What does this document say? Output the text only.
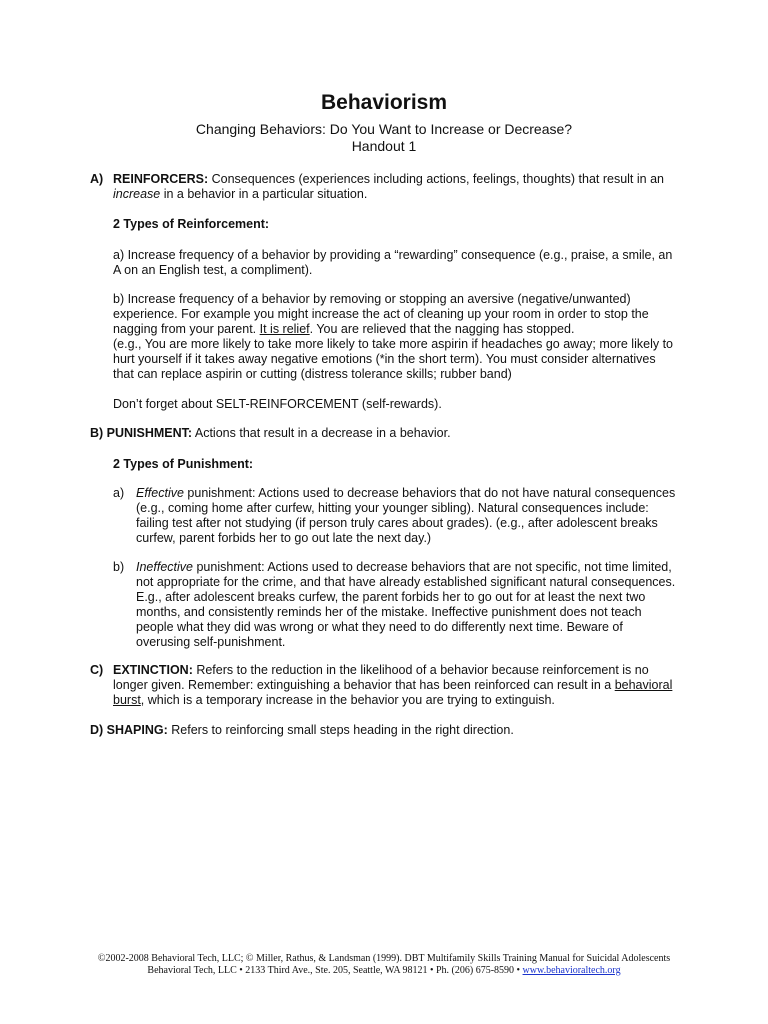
Behaviorism
Changing Behaviors: Do You Want to Increase or Decrease?
Handout 1
A) REINFORCERS: Consequences (experiences including actions, feelings, thoughts) that result in an
increase in a behavior in a particular situation.
2 Types of Reinforcement:
a) Increase frequency of a behavior by providing a “rewarding” consequence (e.g., praise, a smile, an
A on an English test, a compliment).
b) Increase frequency of a behavior by removing or stopping an aversive (negative/unwanted)
experience. For example you might increase the act of cleaning up your room in order to stop the
nagging from your parent. It is relief. You are relieved that the nagging has stopped.
(e.g., You are more likely to take more likely to take more aspirin if headaches go away; more likely to
hurt yourself if it takes away negative emotions (*in the short term). You must consider alternatives
that can replace aspirin or cutting (distress tolerance skills; rubber band)
Don’t forget about SELT-REINFORCEMENT (self-rewards).
B) PUNISHMENT: Actions that result in a decrease in a behavior.
2 Types of Punishment:
a) Effective punishment: Actions used to decrease behaviors that do not have natural consequences
(e.g., coming home after curfew, hitting your younger sibling). Natural consequences include:
failing test after not studying (if person truly cares about grades). (e.g., after adolescent breaks
curfew, parent forbids her to go out late the next day.)
b) Ineffective punishment: Actions used to decrease behaviors that are not specific, not time limited,
not appropriate for the crime, and that have already established significant natural consequences.
E.g., after adolescent breaks curfew, the parent forbids her to go out for at least the next two
months, and consistently reminds her of the mistake. Ineffective punishment does not teach
people what they did was wrong or what they need to do differently next time. Beware of
overusing self-punishment.
C) EXTINCTION: Refers to the reduction in the likelihood of a behavior because reinforcement is no
longer given. Remember: extinguishing a behavior that has been reinforced can result in a behavioral
burst, which is a temporary increase in the behavior you are trying to extinguish.
D) SHAPING: Refers to reinforcing small steps heading in the right direction.
©2002-2008 Behavioral Tech, LLC; © Miller, Rathus, & Landsman (1999). DBT Multifamily Skills Training Manual for Suicidal Adolescents
Behavioral Tech, LLC • 2133 Third Ave., Ste. 205, Seattle, WA 98121 • Ph. (206) 675-8590 • www.behavioraltech.org
